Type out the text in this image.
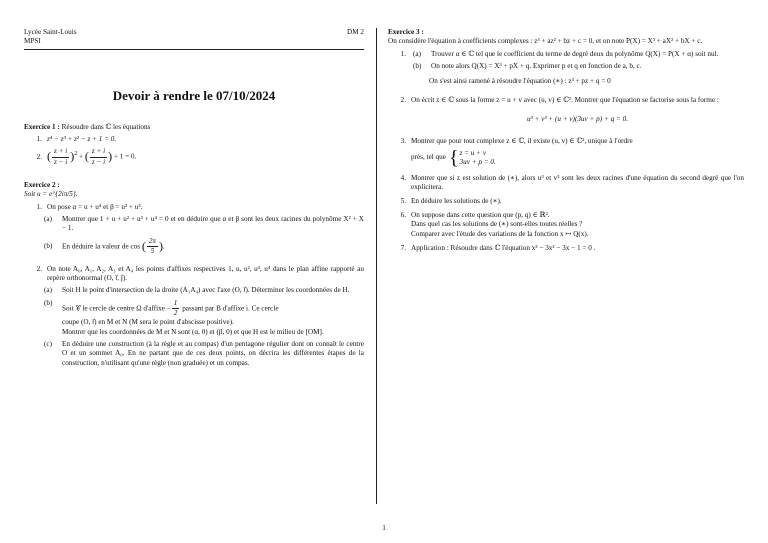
Lycée Saint-Louis	DM 2
MPSI
Devoir à rendre le 07/10/2024
Exercice 1 : Résoudre dans ℂ les équations
1. z⁴ − z³ + z² − z + 1 = 0.
2. ( $\frac{z + i}{z - i} )^2$ + ( $\frac{z + i}{z - i}$ ) + 1 = 0.
Exercice 2 :
Soit u = e^{2iπ/5}.
1. On pose α = u + u⁴ et β = u² + u³.
(a)	Montrer que 1 + u + u² + u³ + u⁴ = 0 et en déduire que α et β sont les deux racines du polynôme X² + X − 1.
(b)	En déduire la valeur de cos ( $\frac{2\pi}{5}$ ).
2. On note A₀, A₁, A₂, A₃ et A₄ les points d'affixes respectives 1, u, u², u³, u⁴ dans le plan affine rapporté au repère orthonormal (O, i⃗, j⃗).
(a)	Soit H le point d'intersection de la droite (A₁A₄) avec l'axe (O, i⃗). Déterminer les coordonnées de H.
(b)
Soit 𝒞 le cercle de centre Ω d'affixe − $\frac{1}{2}$ passant par B d'affixe i. Ce cercle
coupe (O, i⃗) en M et N (M sera le point d'abscisse positive).
Montrer que les coordonnées de M et N sont (α, 0) et (β, 0) et que H est le milieu de [OM].
(c)	En déduire une construction (à la règle et au compas) d'un pentagone régulier dont on connaît le centre O et un sommet A₀. En ne partant que de ces deux points, on décrira les différentes étapes de la construction, n'utilisant qu'une règle (non graduée) et un compas.
Exercice 3 :
On considère l'équation à coefficients complexes : z³ + az² + bz + c = 0, et on note P(X) = X³ + aX² + bX + c.
1. (a)	Trouver α ∈ ℂ tel que le coefficient du terme de degré deux du polynôme Q(X) = P(X + α) soit nul.
(b)	On note alors Q(X) = X³ + pX + q. Exprimer p et q en fonction de a, b, c.
On s'est ainsi ramené à résoudre l'équation (∗) : z³ + pz + q = 0
2. On écrit z ∈ ℂ sous la forme z = u + v avec (u, v) ∈ ℂ². Montrer que l'équation se factorise sous la forme :
u³ + v³ + (u + v)(3uv + p) + q = 0.
3. Montrer que pour tout complexe z ∈ ℂ, il existe (u, v) ∈ ℂ², unique à l'ordre
près, tel que { z = u + v
3uv + p = 0.
4. Montrer que si z est solution de (∗), alors u³ et v³ sont les deux racines d'une équation du second degré que l'on explicitera.
5. En déduire les solutions de (∗).
6. On suppose dans cette question que (p, q) ∈ ℝ².
Dans quel cas les solutions de (∗) sont-elles toutes réelles ?
Comparer avec l'étude des variations de la fonction x ↦ Q(x).
7. Application : Résoudre dans ℂ l'équation x³ − 3x² − 3x − 1 = 0 .
1
